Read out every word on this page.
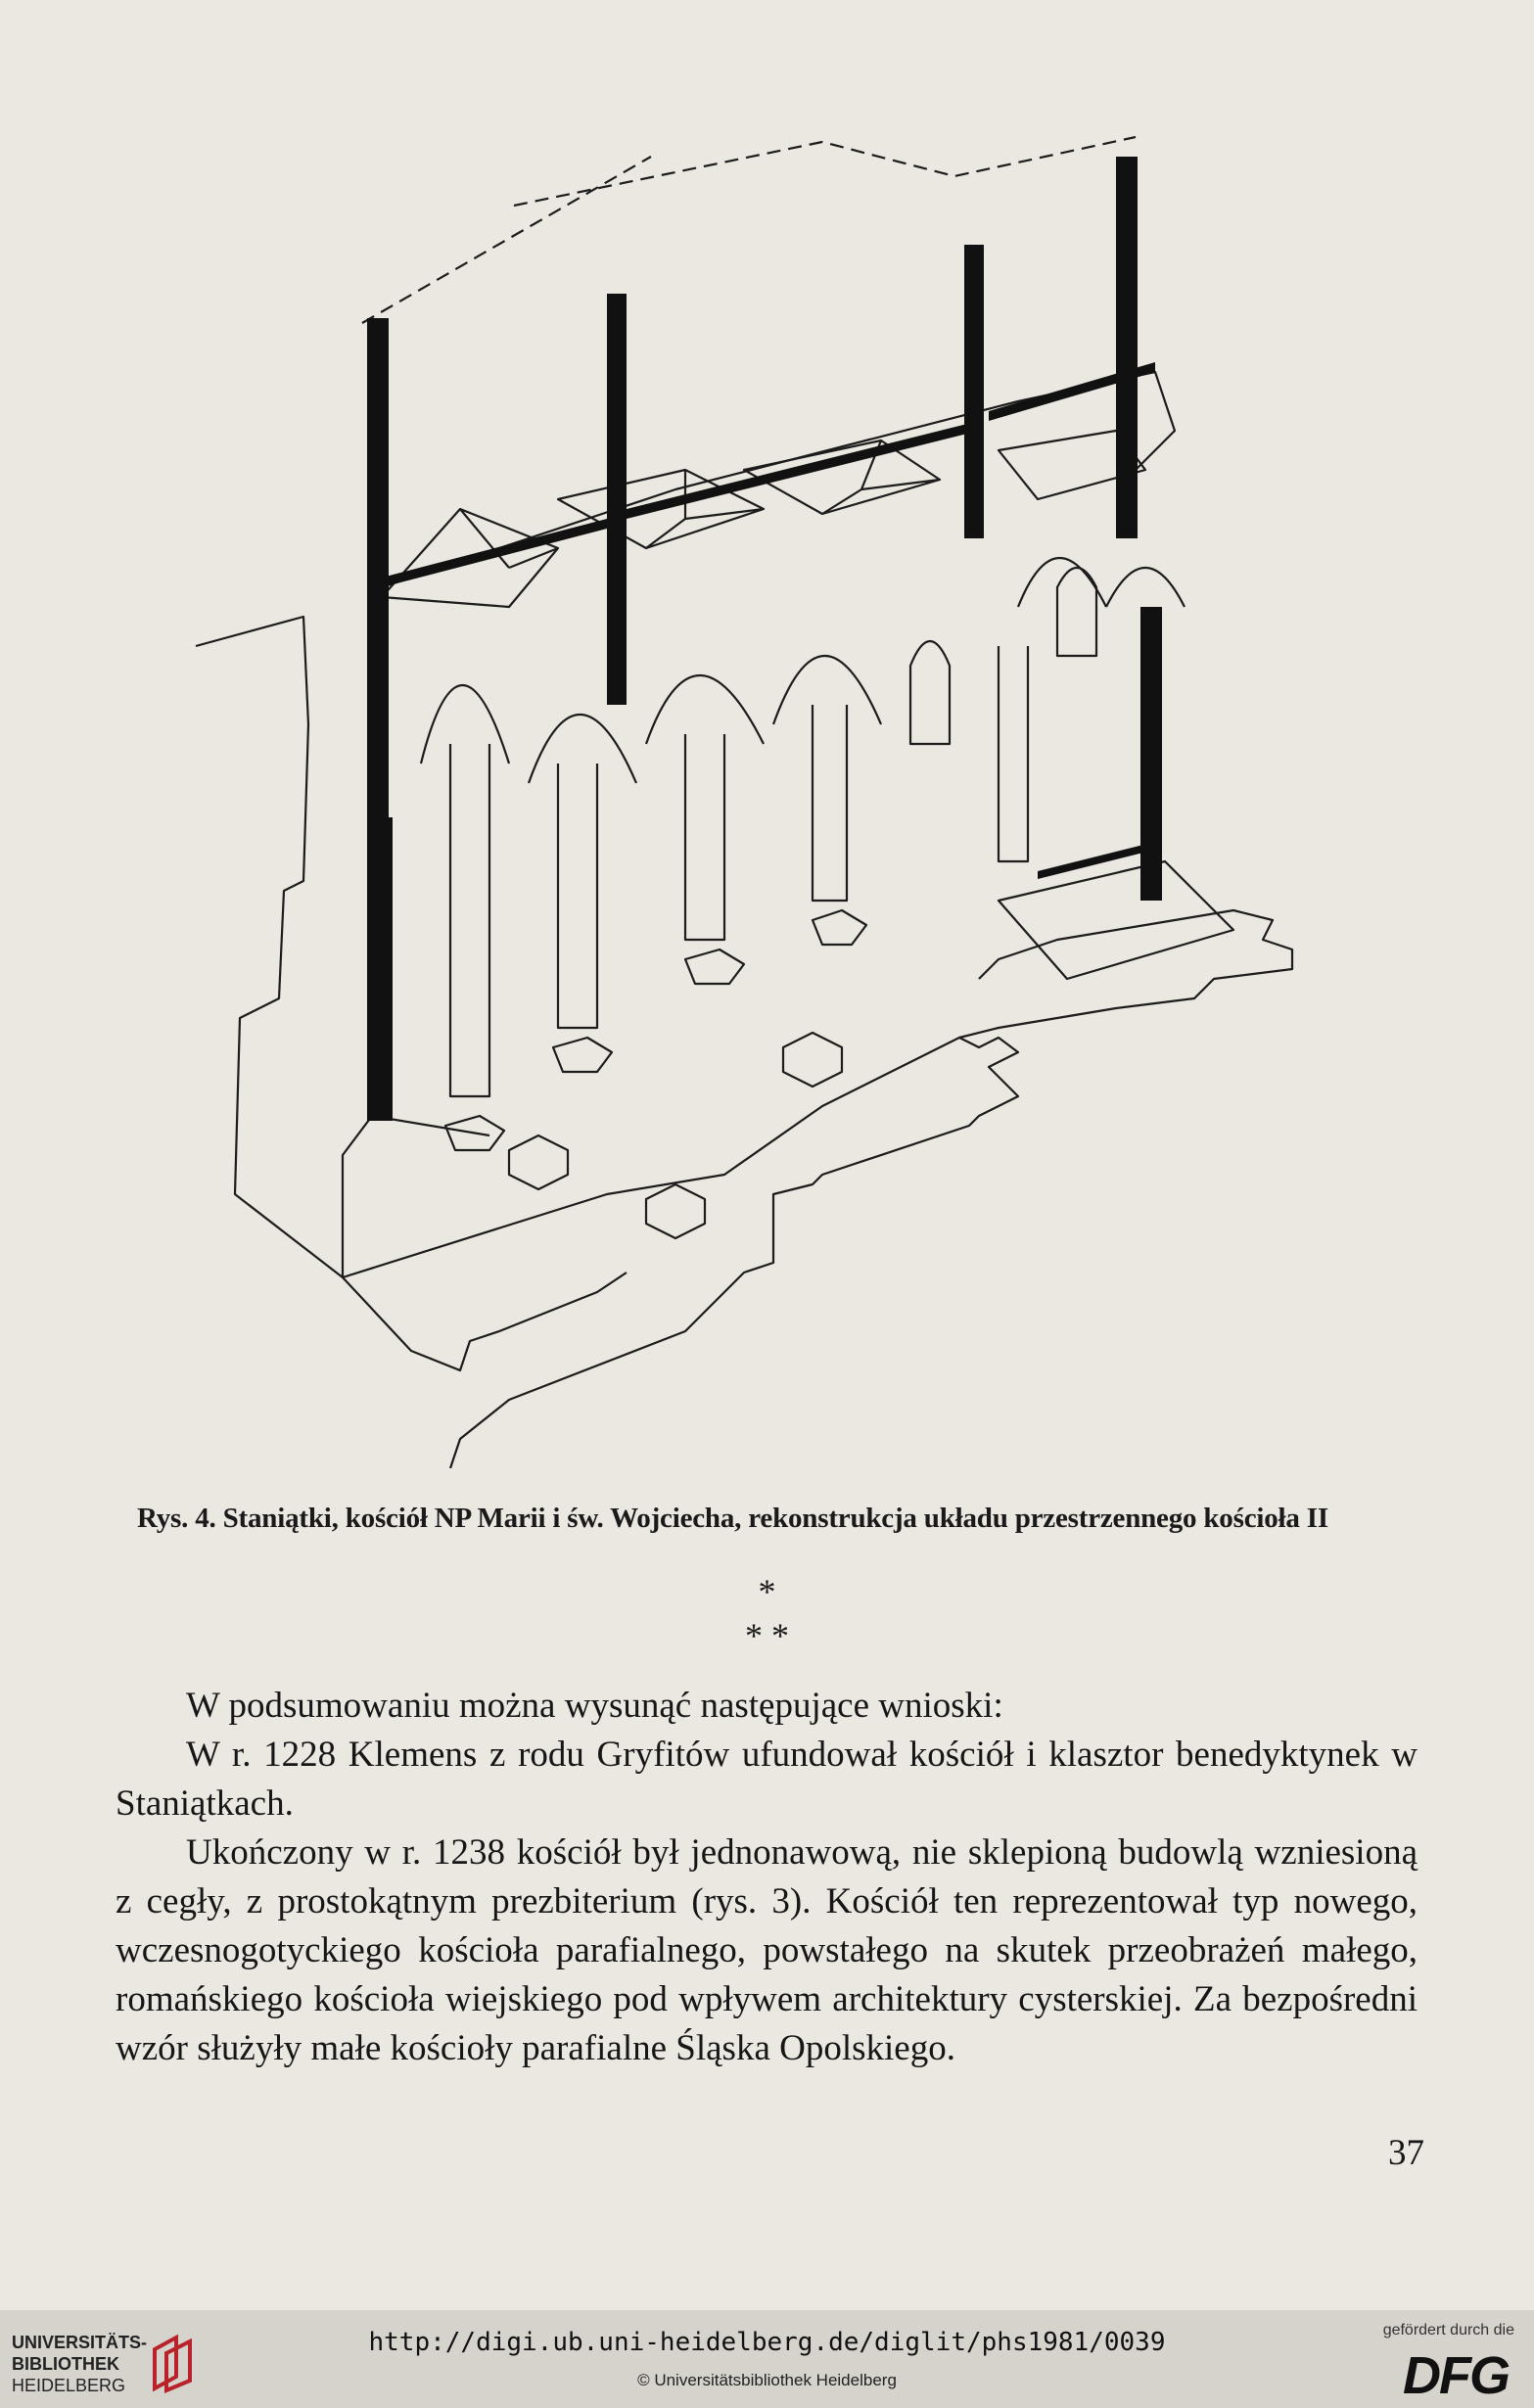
Rys. 4. Staniątki, kościół NP Marii i św. Wojciecha, rekonstrukcja układu przestrzennego kościoła II
*
* *

W podsumowaniu można wysunąć następujące wnioski:

W r. 1228 Klemens z rodu Gryfitów ufundował kościół i klasztor benedyktynek w Staniątkach.

Ukończony w r. 1238 kościół był jednonawową, nie sklepioną budowlą wzniesioną z cegły, z prostokątnym prezbiterium (rys. 3). Kościół ten reprezentował typ nowego, wczesnogotyckiego kościoła parafialnego, powstałego na skutek przeobrażeń małego, romańskiego kościoła wiejskiego pod wpływem architektury cysterskiej. Za bezpośredni wzór służyły małe kościoły parafialne Śląska Opolskiego.

37
UNIVERSITÄTS-
BIBLIOTHEK
HEIDELBERG
http://digi.ub.uni-heidelberg.de/diglit/phs1981/0039
© Universitätsbibliothek Heidelberg
gefördert durch die
DFG
